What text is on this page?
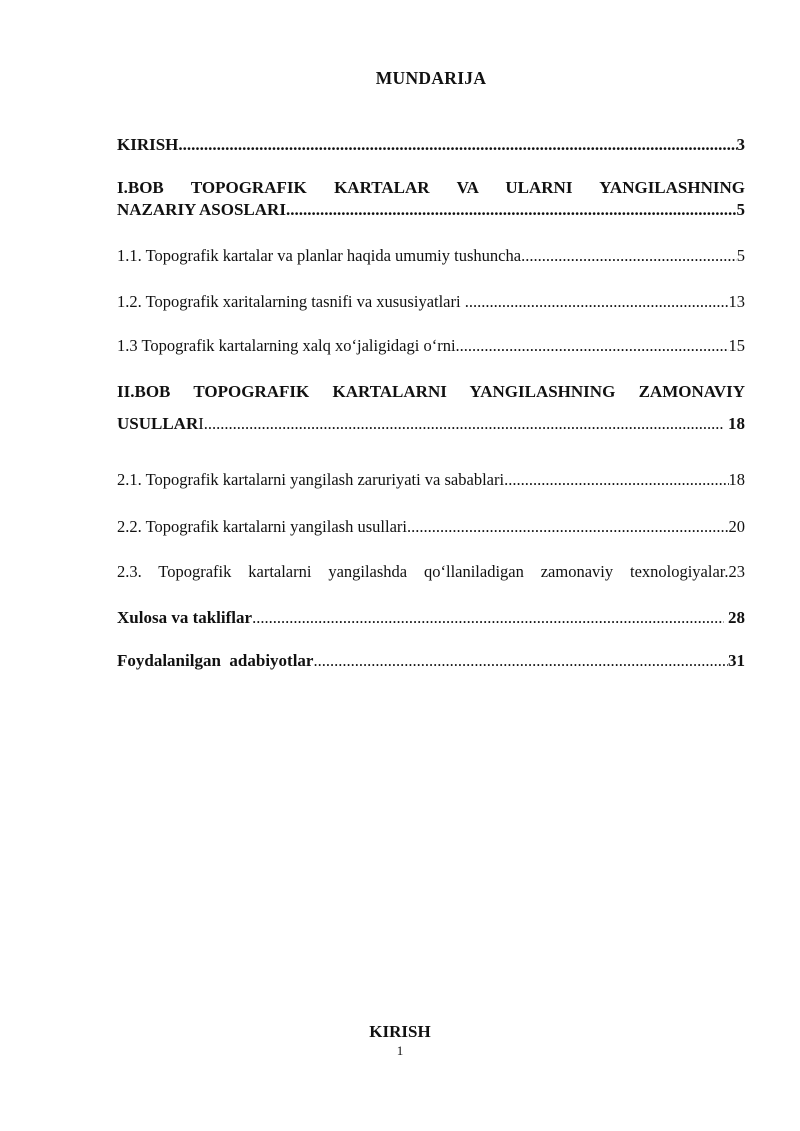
MUNDARIJA
KIRISH .....	3
I.BOB TOPOGRAFIK KARTALAR VA ULARNI YANGILASHNING
NAZARIY ASOSLARI .....	5
1.1. Topografik kartalar va planlar haqida umumiy tushuncha .....	5
1.2. Topografik xaritalarning tasnifi va xususiyatlari .....	13
1.3 Topografik kartalarning xalq xo‘jaligidagi o‘rni .....	15
II.BOB TOPOGRAFIK KARTALARNI YANGILASHNING ZAMONAVIY
USULLAR I .....	18
2.1. Topografik kartalarni yangilash zaruriyati va sabablari .....	18
2.2. Topografik kartalarni yangilash usullari .....	20
2.3. Topografik kartalarni yangilashda qo‘llaniladigan zamonaviy texnologiyalar.23
Xulosa va takliflar .....	28
Foydalanilgan  adabiyotlar .....	31
KIRISH
1
